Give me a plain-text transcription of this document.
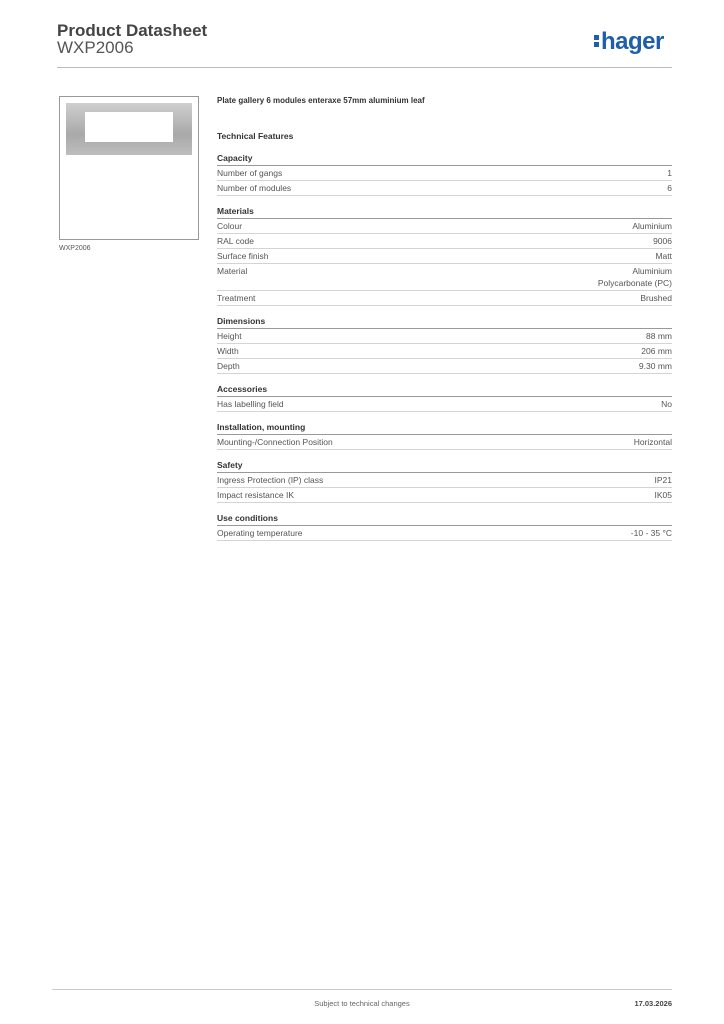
Product Datasheet
WXP2006	hager
WXP2006
Plate gallery 6 modules enteraxe 57mm aluminium leaf
Technical Features
Capacity
Number of gangs	1
Number of modules	6
Materials
Colour	Aluminium
RAL code	9006
Surface finish	Matt
Material	Aluminium
Polycarbonate (PC)
Treatment	Brushed
Dimensions
Height	88 mm
Width	206 mm
Depth	9.30 mm
Accessories
Has labelling field	No
Installation, mounting
Mounting-/Connection Position	Horizontal
Safety
Ingress Protection (IP) class	IP21
Impact resistance IK	IK05
Use conditions
Operating temperature	-10 - 35 °C
Subject to technical changes	17.03.2026
